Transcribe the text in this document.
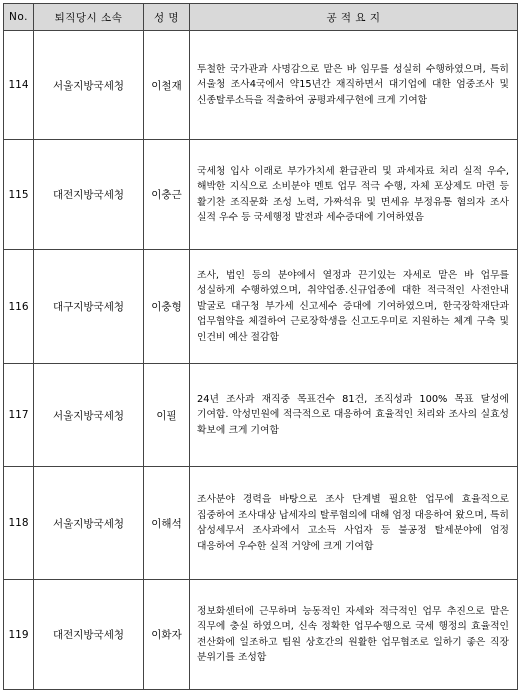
No.	퇴직당시 소속	성 명	공 적 요 지
114	서울지방국세청	이철재	투철한 국가관과 사명감으로 맡은 바 임무를 성실히 수행하였으며, 특히 서울청 조사4국에서 약15년간 재직하면서 대기업에 대한 엄중조사 및 신종탈루소득을 적출하여 공평과세구현에 크게 기여함
115	대전지방국세청	이충근	국세청 입사 이래로 부가가치세 환급관리 및 과세자료 처리 실적 우수, 해박한 지식으로 소비분야 멘토 업무 적극 수행, 자체 포상제도 마련 등 활기찬 조직문화 조성 노력, 가짜석유 및 면세유 부정유통 혐의자 조사 실적 우수 등 국세행정 발전과 세수증대에 기여하였음
116	대구지방국세청	이충형	조사, 법인 등의 분야에서 열정과 끈기있는 자세로 맡은 바 업무를 성실하게 수행하였으며, 취약업종.신규업종에 대한 적극적인 사전안내 발굴로 대구청 부가세 신고세수 증대에 기여하였으며, 한국장학재단과 업무협약을 체결하여 근로장학생을 신고도우미로 지원하는 체계 구축 및 인건비 예산 절감함
117	서울지방국세청	이필	24년 조사과 재직중 목표건수 81건, 조직성과 100% 목표 달성에 기여함. 악성민원에 적극적으로 대응하여 효율적인 처리와 조사의 실효성 확보에 크게 기여함
118	서울지방국세청	이해석	조사분야 경력을 바탕으로 조사 단계별 필요한 업무에 효율적으로 집중하여 조사대상 납세자의 탈루혐의에 대해 엄정 대응하여 왔으며, 특히 삼성세무서 조사과에서 고소득 사업자 등 불공정 탈세분야에 엄정 대응하여 우수한 실적 거양에 크게 기여함
119	대전지방국세청	이화자	정보화센터에 근무하며 능동적인 자세와 적극적인 업무 추진으로 맡은 직무에 충실 하였으며, 신속 정확한 업무수행으로 국세 행정의 효율적인 전산화에 일조하고 팀원 상호간의 원활한 업무협조로 일하기 좋은 직장 분위기를 조성함
